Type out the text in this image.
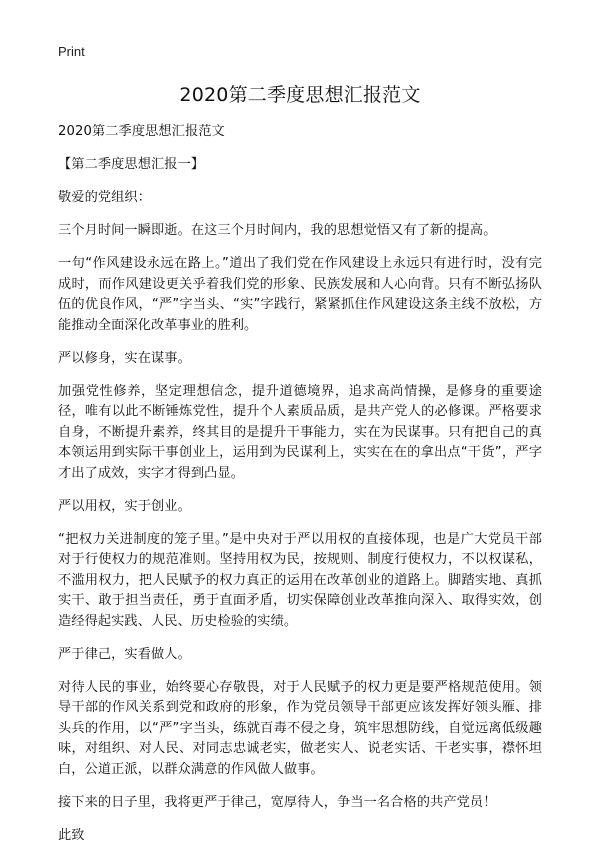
Print
2020第二季度思想汇报范文

2020第二季度思想汇报范文

【第二季度思想汇报一】

敬爱的党组织：

三个月时间一瞬即逝。在这三个月时间内，我的思想觉悟又有了新的提高。

一句“作风建设永远在路上。”道出了我们党在作风建设上永远只有进行时，没有完成时，而作风建设更关乎着我们党的形象、民族发展和人心向背。只有不断弘扬队伍的优良作风，“严”字当头、“实”字践行，紧紧抓住作风建设这条主线不放松，方能推动全面深化改革事业的胜利。

严以修身，实在谋事。

加强党性修养，坚定理想信念，提升道德境界，追求高尚情操，是修身的重要途径，唯有以此不断锤炼党性，提升个人素质品质，是共产党人的必修课。严格要求自身，不断提升素养，终其目的是提升干事能力，实在为民谋事。只有把自己的真本领运用到实际干事创业上，运用到为民谋利上，实实在在的拿出点“干货”，严字才出了成效，实字才得到凸显。

严以用权，实于创业。

“把权力关进制度的笼子里。”是中央对于严以用权的直接体现，也是广大党员干部对于行使权力的规范准则。坚持用权为民，按规则、制度行使权力，不以权谋私，不滥用权力，把人民赋予的权力真正的运用在改革创业的道路上。脚踏实地、真抓实干、敢于担当责任，勇于直面矛盾，切实保障创业改革推向深入、取得实效，创造经得起实践、人民、历史检验的实绩。

严于律己，实看做人。

对待人民的事业，始终要心存敬畏，对于人民赋予的权力更是要严格规范使用。领导干部的作风关系到党和政府的形象，作为党员领导干部更应该发挥好领头雁、排头兵的作用，以“严”字当头，练就百毒不侵之身，筑牢思想防线，自觉远离低级趣味，对组织、对人民、对同志忠诚老实，做老实人、说老实话、干老实事，襟怀坦白，公道正派，以群众满意的作风做人做事。

接下来的日子里，我将更严于律己，宽厚待人，争当一名合格的共产党员！

此致
